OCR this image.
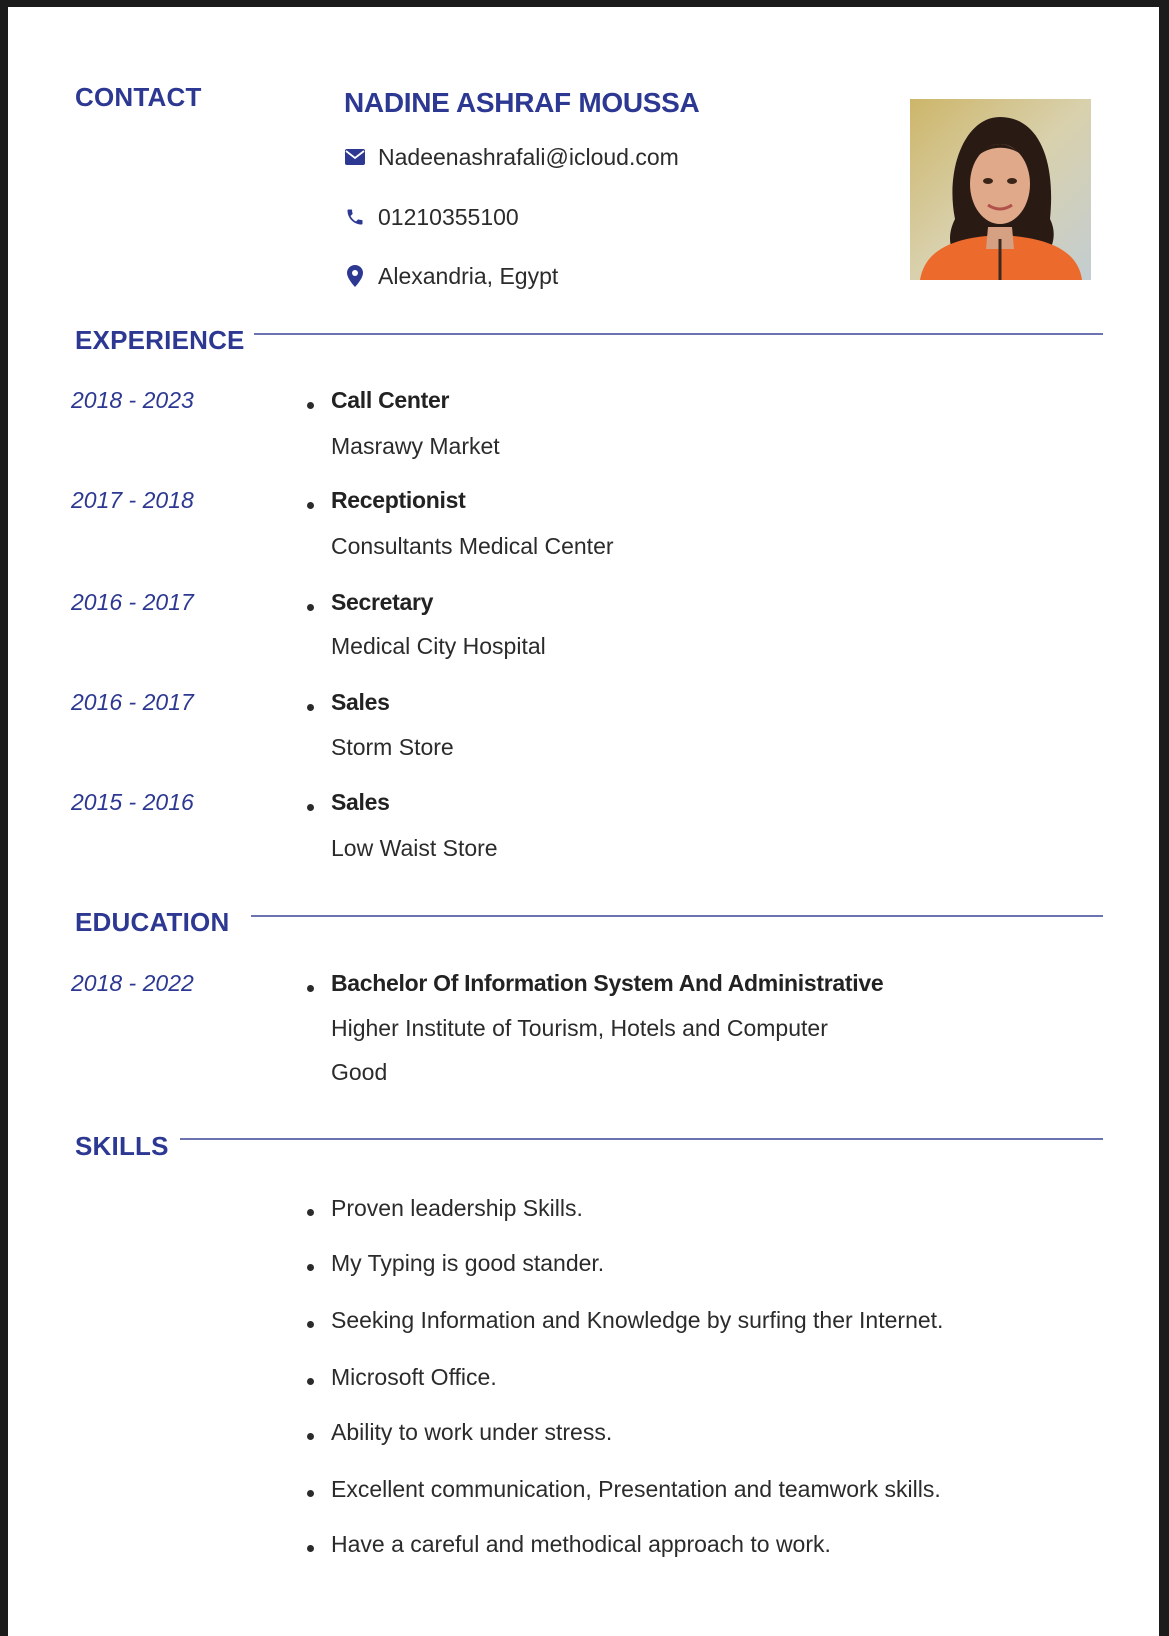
CONTACT	NADINE ASHRAF MOUSSA
Nadeenashrafali@icloud.com
01210355100
Alexandria, Egypt
EXPERIENCE
2018 - 2023	Call Center
Masrawy Market
2017 - 2018	Receptionist
Consultants Medical Center
2016 - 2017	Secretary
Medical City Hospital
2016 - 2017	Sales
Storm Store
2015 - 2016	Sales
Low Waist Store
EDUCATION
2018 - 2022	Bachelor Of Information System And Administrative
Higher Institute of Tourism, Hotels and Computer
Good
SKILLS
Proven leadership Skills.
My Typing is good stander.
Seeking Information and Knowledge by surfing ther Internet.
Microsoft Office.
Ability to work under stress.
Excellent communication, Presentation and teamwork skills.
Have a careful and methodical approach to work.
